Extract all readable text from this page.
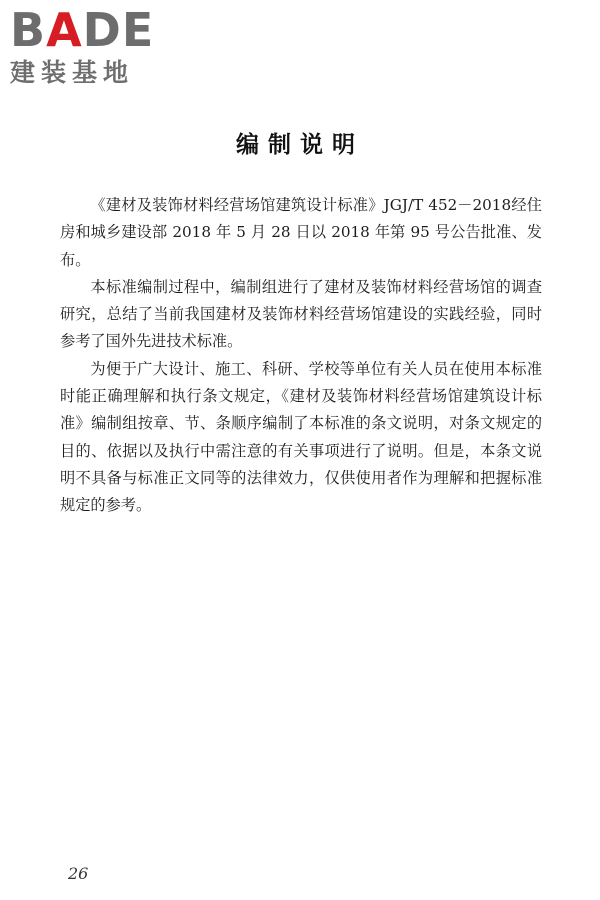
BADE
建装基地
编制说明

《建材及装饰材料经营场馆建筑设计标准》JGJ/T 452－2018经住房和城乡建设部 2018 年 5 月 28 日以 2018 年第 95 号公告批准、发布。

本标准编制过程中，编制组进行了建材及装饰材料经营场馆的调查研究，总结了当前我国建材及装饰材料经营场馆建设的实践经验，同时参考了国外先进技术标准。

为便于广大设计、施工、科研、学校等单位有关人员在使用本标准时能正确理解和执行条文规定，《建材及装饰材料经营场馆建筑设计标准》编制组按章、节、条顺序编制了本标准的条文说明，对条文规定的目的、依据以及执行中需注意的有关事项进行了说明。但是，本条文说明不具备与标准正文同等的法律效力，仅供使用者作为理解和把握标准规定的参考。

26
